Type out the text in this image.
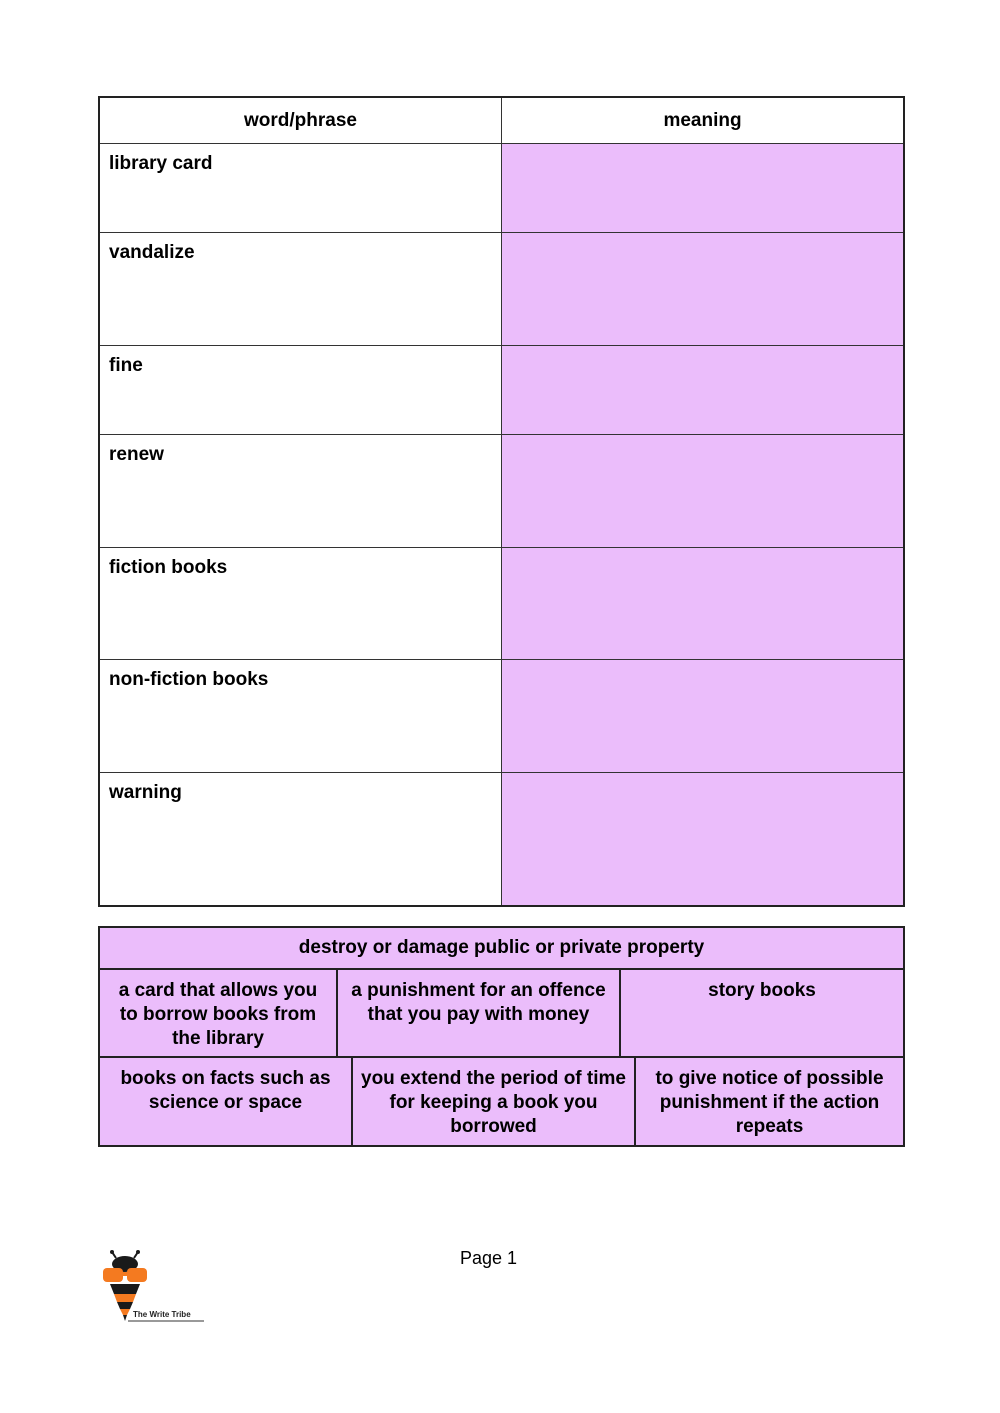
word/phrase	meaning
library card
vandalize
fine
renew
fiction books
non-fiction books
warning
destroy or damage public or private property
a card that allows you to borrow books from the library
a punishment for an offence that you pay with money
story books
books on facts such as science or space
you extend the period of time for keeping a book you borrowed
to give notice of possible punishment if the action repeats
Page 1
The Write Tribe
